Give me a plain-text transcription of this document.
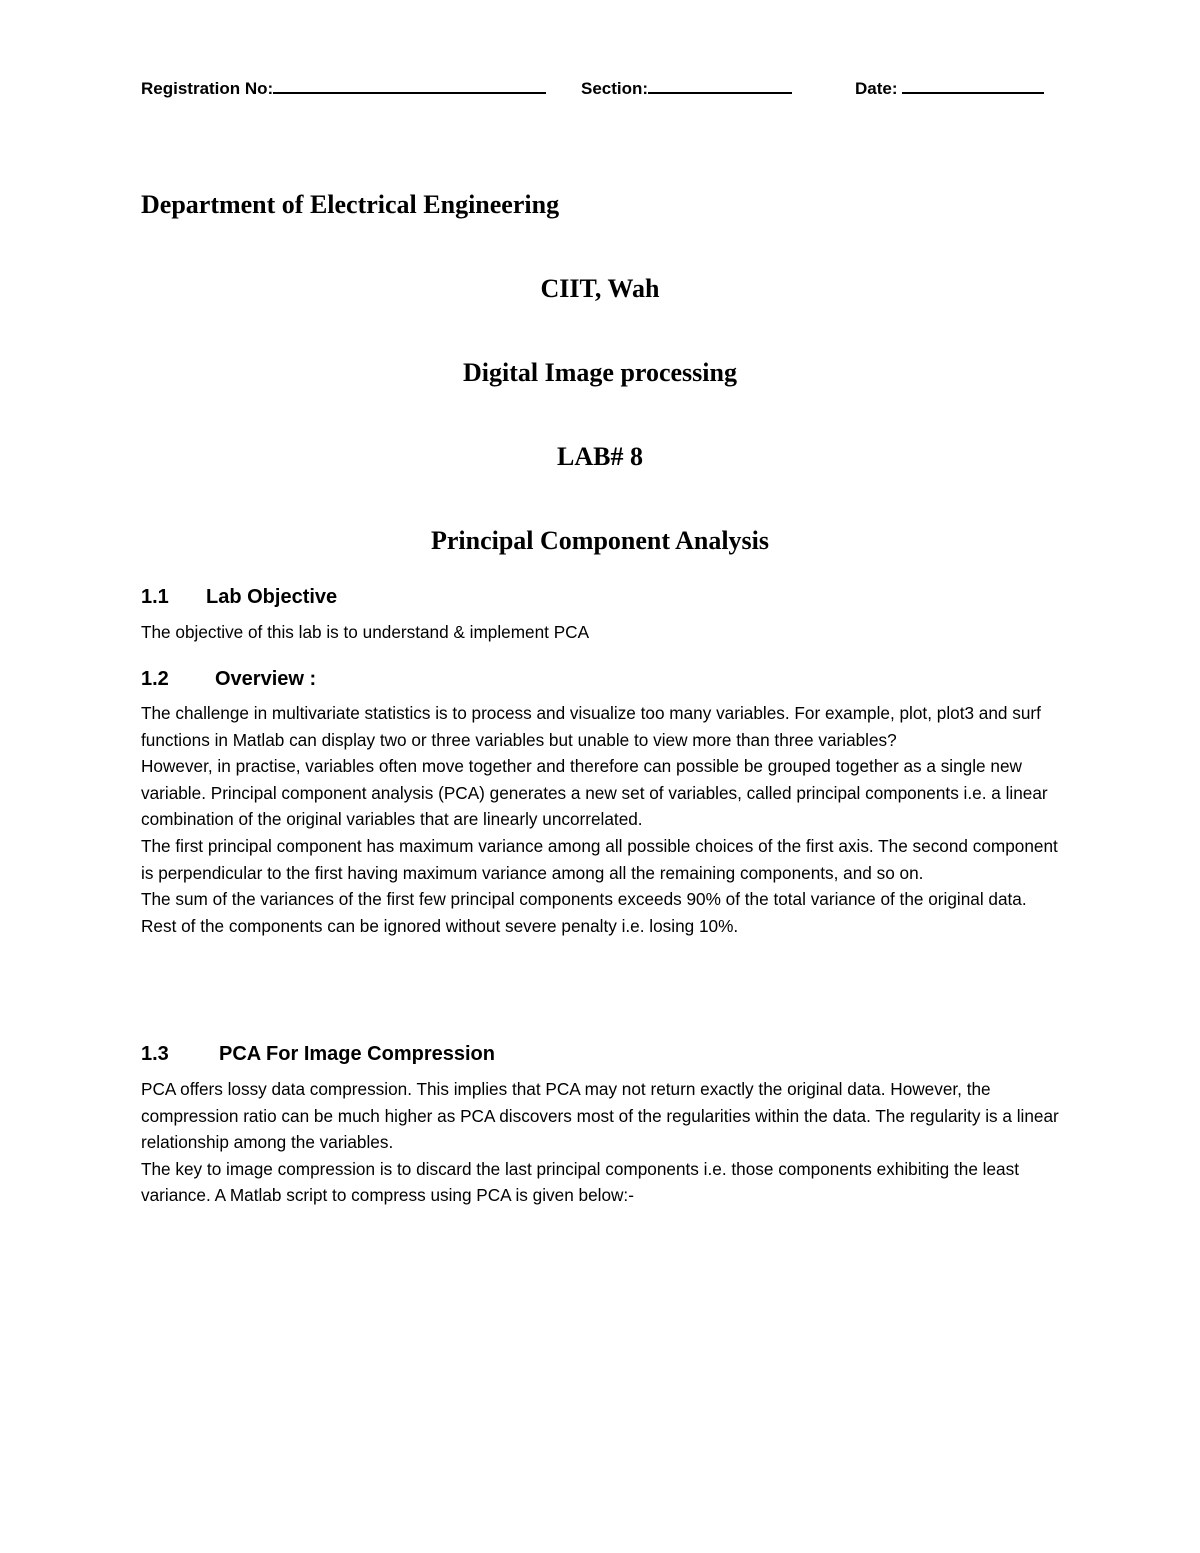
Registration No:	Section:	Date:
Department of Electrical Engineering
CIIT, Wah
Digital Image processing
LAB# 8
Principal Component Analysis
1.1 Lab Objective

The objective of this lab is to understand & implement PCA

1.2 Overview :

The challenge in multivariate statistics is to process and visualize too many variables. For example, plot, plot3 and surf functions in Matlab can display two or three variables but unable to view more than three variables?

However, in practise, variables often move together and therefore can possible be grouped together as a single new variable. Principal component analysis (PCA) generates a new set of variables, called principal components i.e. a linear combination of the original variables that are linearly uncorrelated.

The first principal component has maximum variance among all possible choices of the first axis. The second component is perpendicular to the first having maximum variance among all the remaining components, and so on.

The sum of the variances of the first few principal components exceeds 90% of the total variance of the original data. Rest of the components can be ignored without severe penalty i.e. losing 10%.

1.3	PCA For Image Compression

PCA offers lossy data compression. This implies that PCA may not return exactly the original data. However, the compression ratio can be much higher as PCA discovers most of the regularities within the data. The regularity is a linear relationship among the variables.

The key to image compression is to discard the last principal components i.e. those components exhibiting the least variance. A Matlab script to compress using PCA is given below:-
